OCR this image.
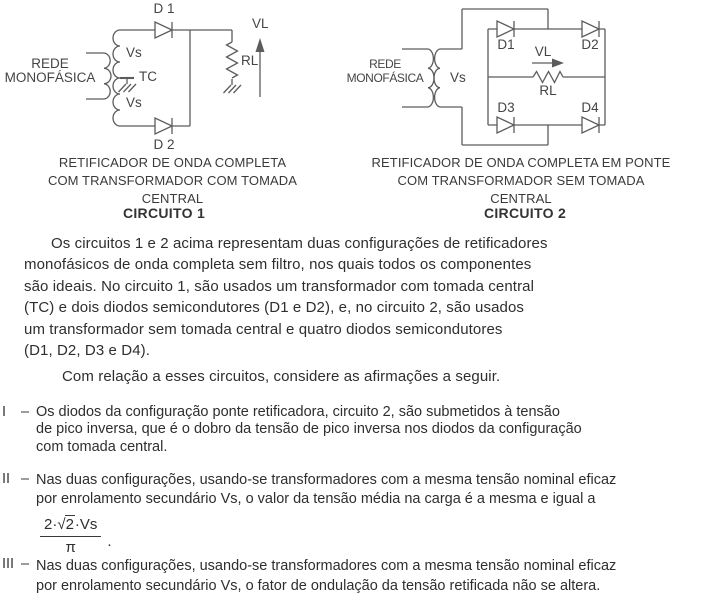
REDE
MONOFÁSICA
Vs
TC
Vs
D 1
D 2
RL
VL
REDE
MONOFÁSICA Vs
D1	D2
VL
RL
D3	D4
RETIFICADOR DE ONDA COMPLETA
COM TRANSFORMADOR COM TOMADA CENTRAL
CIRCUITO 1
RETIFICADOR DE ONDA COMPLETA EM PONTE
COM TRANSFORMADOR SEM TOMADA CENTRAL
CIRCUITO 2
Os circuitos 1 e 2 acima representam duas configurações de retificadores
monofásicos de onda completa sem filtro, nos quais todos os componentes
são ideais. No circuito 1, são usados um transformador com tomada central
(TC) e dois diodos semicondutores (D1 e D2), e, no circuito 2, são usados
um transformador sem tomada central e quatro diodos semicondutores
(D1, D2, D3 e D4).
Com relação a esses circuitos, considere as afirmações a seguir.
I	– Os diodos da configuração ponte retificadora, circuito 2, são submetidos à tensão
de pico inversa, que é o dobro da tensão de pico inversa nos diodos da configuração
com tomada central.
II – Nas duas configurações, usando-se transformadores com a mesma tensão nominal eficaz
por enrolamento secundário Vs, o valor da tensão média na carga é a mesma e igual a
$\frac{2\cdot√2\cdot Vs}{\pi}$ .
III – Nas duas configurações, usando-se transformadores com a mesma tensão nominal eficaz
por enrolamento secundário Vs, o fator de ondulação da tensão retificada não se altera.
